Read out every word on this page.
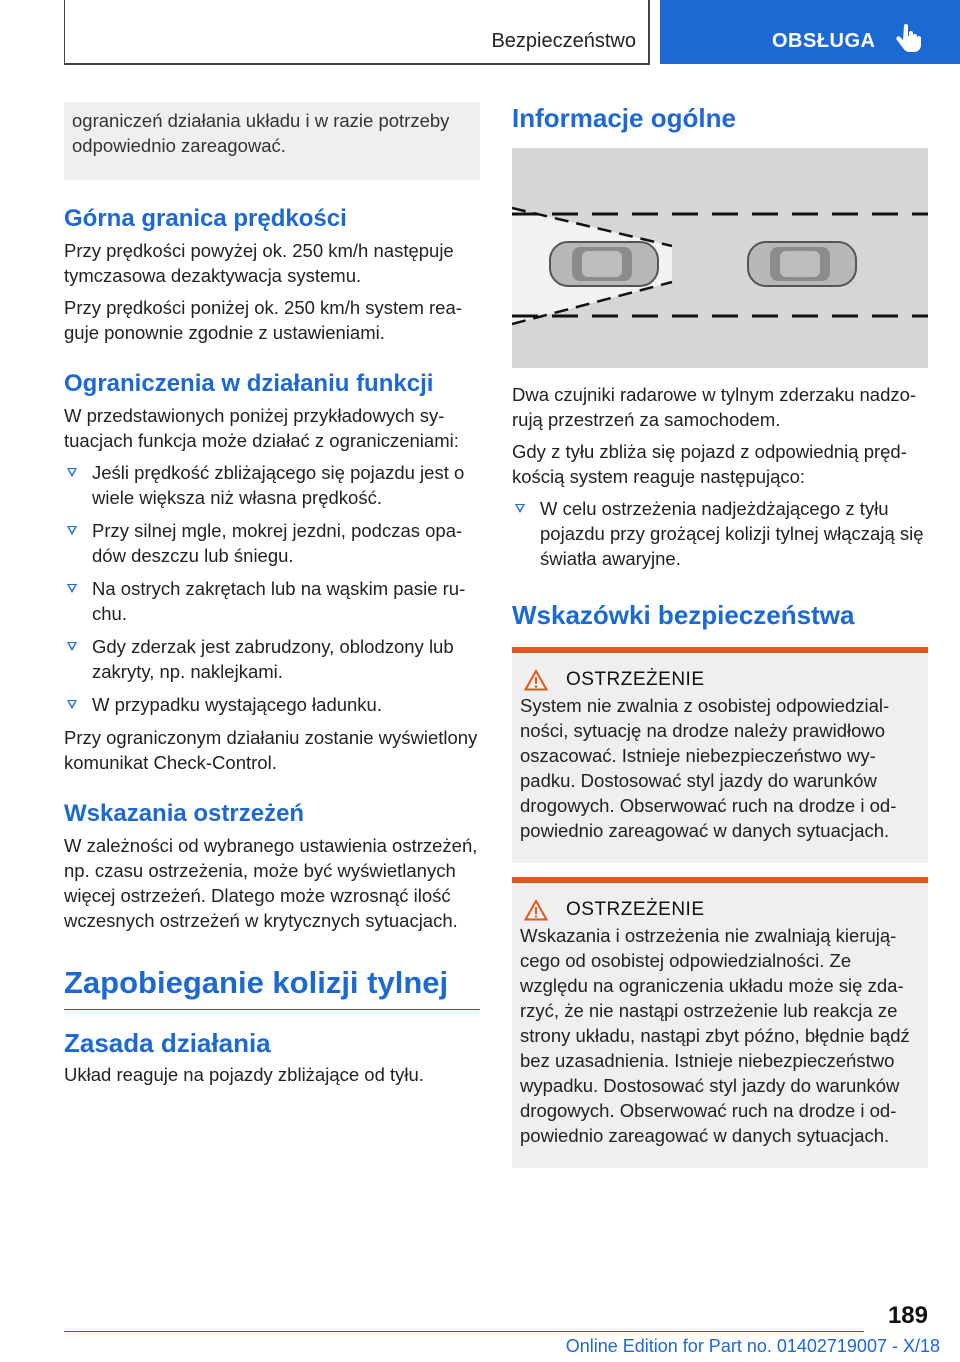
Bezpieczeństwo	OBSŁUGA
ograniczeń działania układu i w razie potrzeby odpowiednio zareagować.
Górna granica prędkości

Przy prędkości powyżej ok. 250 km/h następuje tymczasowa dezaktywacja systemu.

Przy prędkości poniżej ok. 250 km/h system reaguje ponownie zgodnie z ustawieniami.

Ograniczenia w działaniu funkcji

W przedstawionych poniżej przykładowych sytuacjach funkcja może działać z ograniczeniami:

Jeśli prędkość zbliżającego się pojazdu jest o wiele większa niż własna prędkość.
Przy silnej mgle, mokrej jezdni, podczas opadów deszczu lub śniegu.
Na ostrych zakrętach lub na wąskim pasie ruchu.
Gdy zderzak jest zabrudzony, oblodzony lub zakryty, np. naklejkami.
W przypadku wystającego ładunku.

Przy ograniczonym działaniu zostanie wyświetlony komunikat Check-Control.

Wskazania ostrzeżeń

W zależności od wybranego ustawienia ostrzeżeń, np. czasu ostrzeżenia, może być wyświetlanych więcej ostrzeżeń. Dlatego może wzrosnąć ilość wczesnych ostrzeżeń w krytycznych sytuacjach.

Zapobieganie kolizji tylnej
Zasada działania

Układ reaguje na pojazdy zbliżające od tyłu.

Informacje ogólne

Dwa czujniki radarowe w tylnym zderzaku nadzorują przestrzeń za samochodem.

Gdy z tyłu zbliża się pojazd z odpowiednią prędkością system reaguje następująco:

W celu ostrzeżenia nadjeżdżającego z tyłu pojazdu przy grożącej kolizji tylnej włączają się światła awaryjne.
Wskazówki bezpieczeństwa
OSTRZEŻENIE
System nie zwalnia z osobistej odpowiedzialności, sytuację na drodze należy prawidłowo oszacować. Istnieje niebezpieczeństwo wypadku. Dostosować styl jazdy do warunków drogowych. Obserwować ruch na drodze i odpowiednio zareagować w danych sytuacjach.
OSTRZEŻENIE
Wskazania i ostrzeżenia nie zwalniają kierującego od osobistej odpowiedzialności. Ze względu na ograniczenia układu może się zdarzyć, że nie nastąpi ostrzeżenie lub reakcja ze strony układu, nastąpi zbyt późno, błędnie bądź bez uzasadnienia. Istnieje niebezpieczeństwo wypadku. Dostosować styl jazdy do warunków drogowych. Obserwować ruch na drodze i odpowiednio zareagować w danych sytuacjach.
189
Online Edition for Part no. 01402719007 - X/18
